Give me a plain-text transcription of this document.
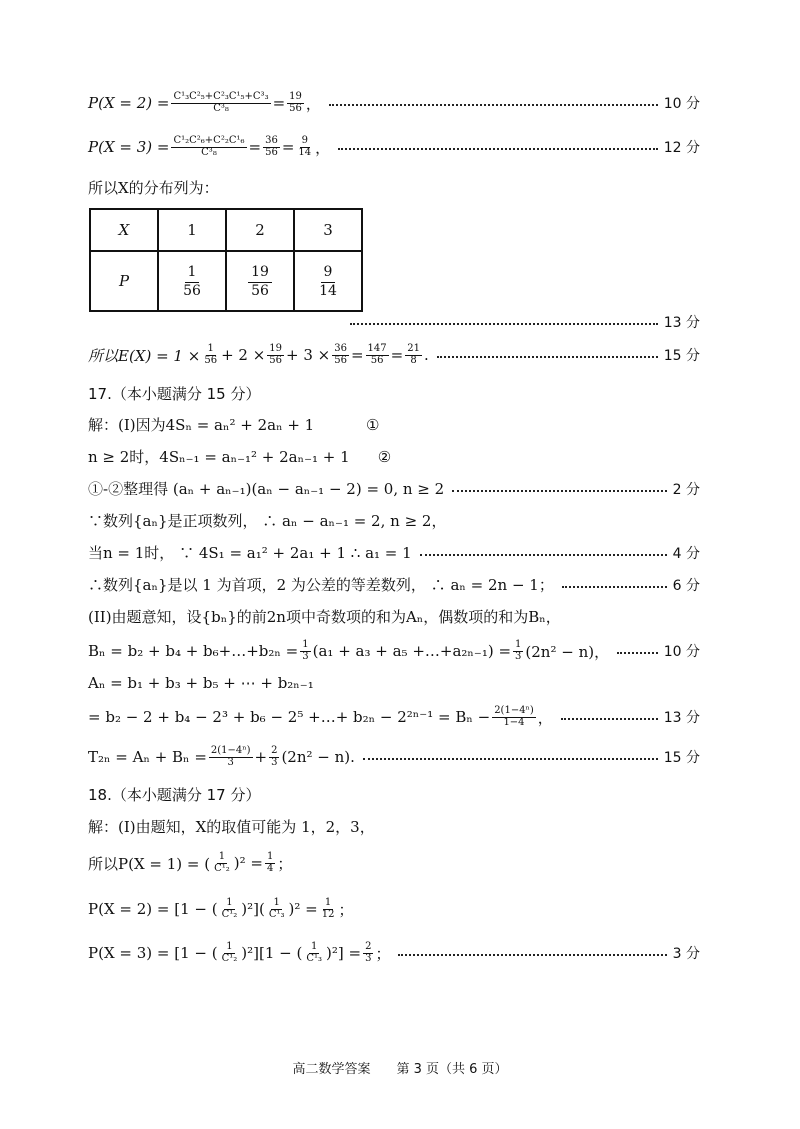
$P(X = 2) = \frac{\text{C¹₃C²₅+C²₃C¹₅+C³₃}}{\text{C³₈}} = \frac{19}{56}$ ，	10 分
$P(X = 3) = \frac{\text{C¹₂C²₆+C²₂C¹₆}}{\text{C³₈}} = \frac{36}{56} = \frac{9}{14}$ ，	12 分
所以X的分布列为：
X	1	2	3
P	$\frac{1}{56}$	$\frac{19}{56}$	$\frac{9}{14}$
13 分
所以$E(X) = 1 \times \frac{1}{56} + 2 \times \frac{19}{56} + 3 \times \frac{36}{56} = \frac{147}{56} = \frac{21}{8}$ .	15 分
17.（本小题满分 15 分）
解：(I)因为4Sₙ = aₙ² + 2aₙ + 1	①
n ≥ 2时，4Sₙ₋₁ = aₙ₋₁² + 2aₙ₋₁ + 1 ②
①-②整理得 (aₙ + aₙ₋₁)(aₙ − aₙ₋₁ − 2) = 0, n ≥ 2	2 分
∵数列{aₙ}是正项数列， ∴ aₙ − aₙ₋₁ = 2, n ≥ 2，
当n = 1时， ∵ 4S₁ = a₁² + 2a₁ + 1 ∴ a₁ = 1	4 分
∴数列{aₙ}是以 1 为首项，2 为公差的等差数列， ∴ aₙ = 2n − 1；	6 分
(II)由题意知，设{bₙ}的前2n项中奇数项的和为Aₙ，偶数项的和为Bₙ，
Bₙ = b₂ + b₄ + b₆+…+b₂ₙ = $\frac{1}{3} (a_1 + a_3 + a_5$ +…+a₂ₙ₋₁) = $\frac{1}{3} (2n^2 - n)$，	10 分
Aₙ = b₁ + b₃ + b₅ + ⋯ + b₂ₙ₋₁
= b₂ − 2 + b₄ − 2³ + b₆ − 2⁵ +…+ $b_{2n} - 2^{2n-1} = B_n - \frac{\text{2(1−4ⁿ)}}{1-4}$ ，	13 分
$T_{2n} = A_n + B_n = \frac{\text{2(1−4ⁿ)}}{3} + \frac{2}{3} (2n^2 - n)$.	15 分
18.（本小题满分 17 分）
解：(I)由题知，X的取值可能为 1，2，3，
所以P(X = 1) = ( $\frac{1}{\text{C¹₂}} )^2 = \frac{1}{4}$ ；
P(X = 2) = [1 − ( $\frac{1}{\text{C¹₂}} )^2]( \frac{1}{\text{C¹₃}} )^2 = \frac{1}{12}$ ；
P(X = 3) = [1 − ( $\frac{1}{\text{C¹₂}} )^2][1$ − ( $\frac{1}{\text{C¹₃}} )^2] = \frac{2}{3}$ ；	3 分
高二数学答案　　第 3 页（共 6 页）
